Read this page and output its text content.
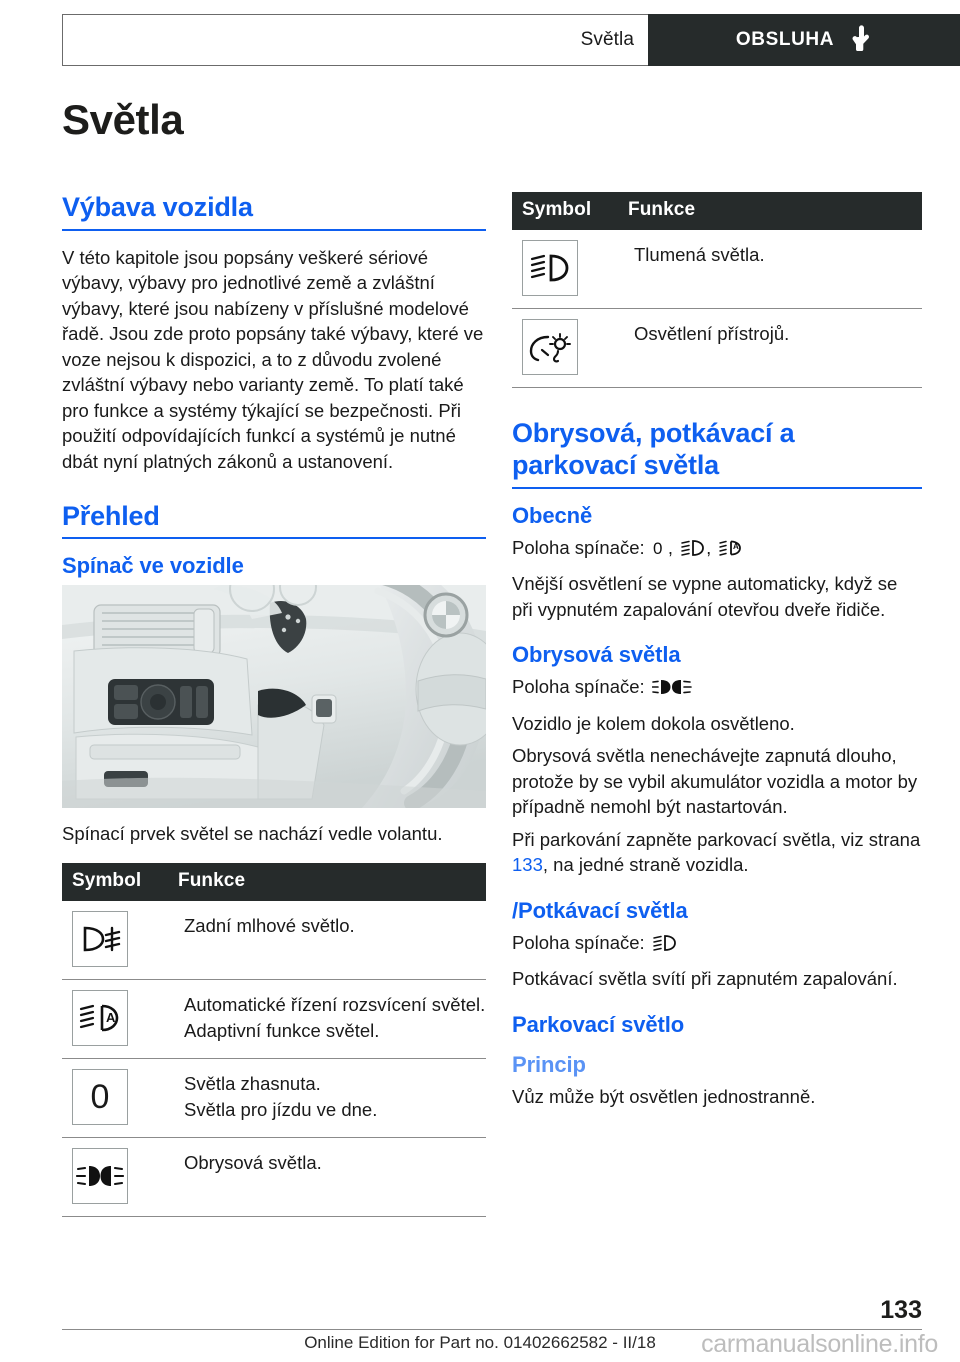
Světla	OBSLUHA
Světla
Výbava vozidla

V této kapitole jsou popsány veškeré sériové výbavy, výbavy pro jednotlivé země a zvláštní výbavy, které jsou nabízeny v příslušné modelové řadě. Jsou zde proto popsány také výbavy, které ve voze nejsou k dispozici, a to z důvodu zvolené zvláštní výbavy nebo varianty země. To platí také pro funkce a systémy týkající se bezpečnosti. Při použití odpovídajících funkcí a systémů je nutné dbát nyní platných zákonů a ustanovení.

Přehled
Spínač ve vozidle

Spínací prvek světel se nachází vedle volantu.

Symbol	Funkce

Zadní mlhové světlo.

A	Automatické řízení rozsvícení světel.
Adaptivní funkce světel.

0	Světla zhasnuta.
Světla pro jízdu ve dne.

Obrysová světla.
Symbol	Funkce

Tlumená světla.

Osvětlení přístrojů.
Obrysová, potkávací a parkovací světla
Obecně

Poloha spínače: 0 , , A

Vnější osvětlení se vypne automaticky, když se při vypnutém zapalování otevřou dveře řidiče.

Obrysová světla

Poloha spínače:

Vozidlo je kolem dokola osvětleno.

Obrysová světla nenechávejte zapnutá dlouho, protože by se vybil akumulátor vozidla a motor by případně nemohl být nastartován.

Při parkování zapněte parkovací světla, viz strana 133, na jedné straně vozidla.

/Potkávací světla

Poloha spínače:

Potkávací světla svítí při zapnutém zapalování.

Parkovací světlo
Princip

Vůz může být osvětlen jednostranně.

133
Online Edition for Part no. 01402662582 - II/18	carmanualsonline.info
